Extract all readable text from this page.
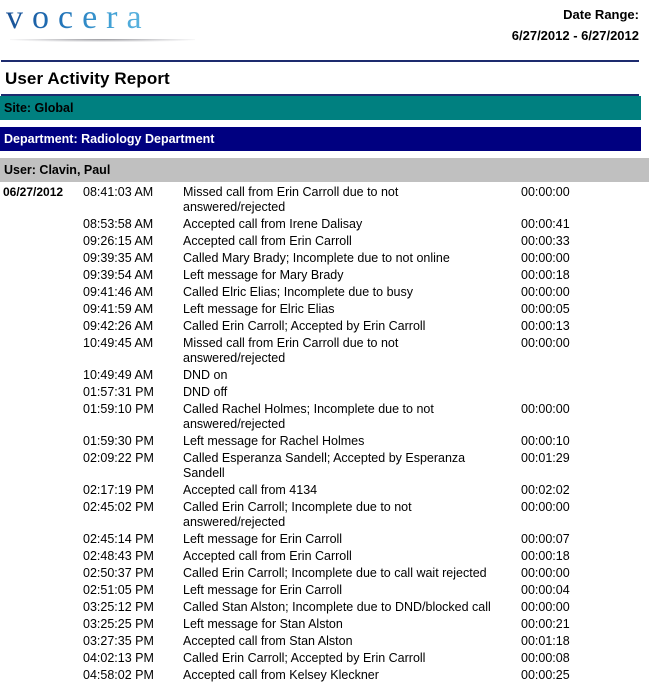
vocera	Date Range:
6/27/2012 - 6/27/2012
User Activity Report
Site: Global
Department: Radiology Department
User: Clavin, Paul
06/27/2012	08:41:03 AM	Missed call from Erin Carroll due to not answered/rejected	00:00:00
	08:53:58 AM	Accepted call from Irene Dalisay	00:00:41
	09:26:15 AM	Accepted call from Erin Carroll	00:00:33
	09:39:35 AM	Called Mary Brady; Incomplete due to not online	00:00:00
	09:39:54 AM	Left message for Mary Brady	00:00:18
	09:41:46 AM	Called Elric Elias; Incomplete due to busy	00:00:00
	09:41:59 AM	Left message for Elric Elias	00:00:05
	09:42:26 AM	Called Erin Carroll; Accepted by Erin Carroll	00:00:13
	10:49:45 AM	Missed call from Erin Carroll due to not answered/rejected	00:00:00
	10:49:49 AM	DND on	
	01:57:31 PM	DND off	
	01:59:10 PM	Called Rachel Holmes; Incomplete due to not answered/rejected	00:00:00
	01:59:30 PM	Left message for Rachel Holmes	00:00:10
	02:09:22 PM	Called Esperanza Sandell; Accepted by Esperanza Sandell	00:01:29
	02:17:19 PM	Accepted call from 4134	00:02:02
	02:45:02 PM	Called Erin Carroll; Incomplete due to not answered/rejected	00:00:00
	02:45:14 PM	Left message for Erin Carroll	00:00:07
	02:48:43 PM	Accepted call from Erin Carroll	00:00:18
	02:50:37 PM	Called Erin Carroll; Incomplete due to call wait rejected	00:00:00
	02:51:05 PM	Left message for Erin Carroll	00:00:04
	03:25:12 PM	Called Stan Alston; Incomplete due to DND/blocked call	00:00:00
	03:25:25 PM	Left message for Stan Alston	00:00:21
	03:27:35 PM	Accepted call from Stan Alston	00:01:18
	04:02:13 PM	Called Erin Carroll; Accepted by Erin Carroll	00:00:08
	04:58:02 PM	Accepted call from Kelsey Kleckner	00:00:25
